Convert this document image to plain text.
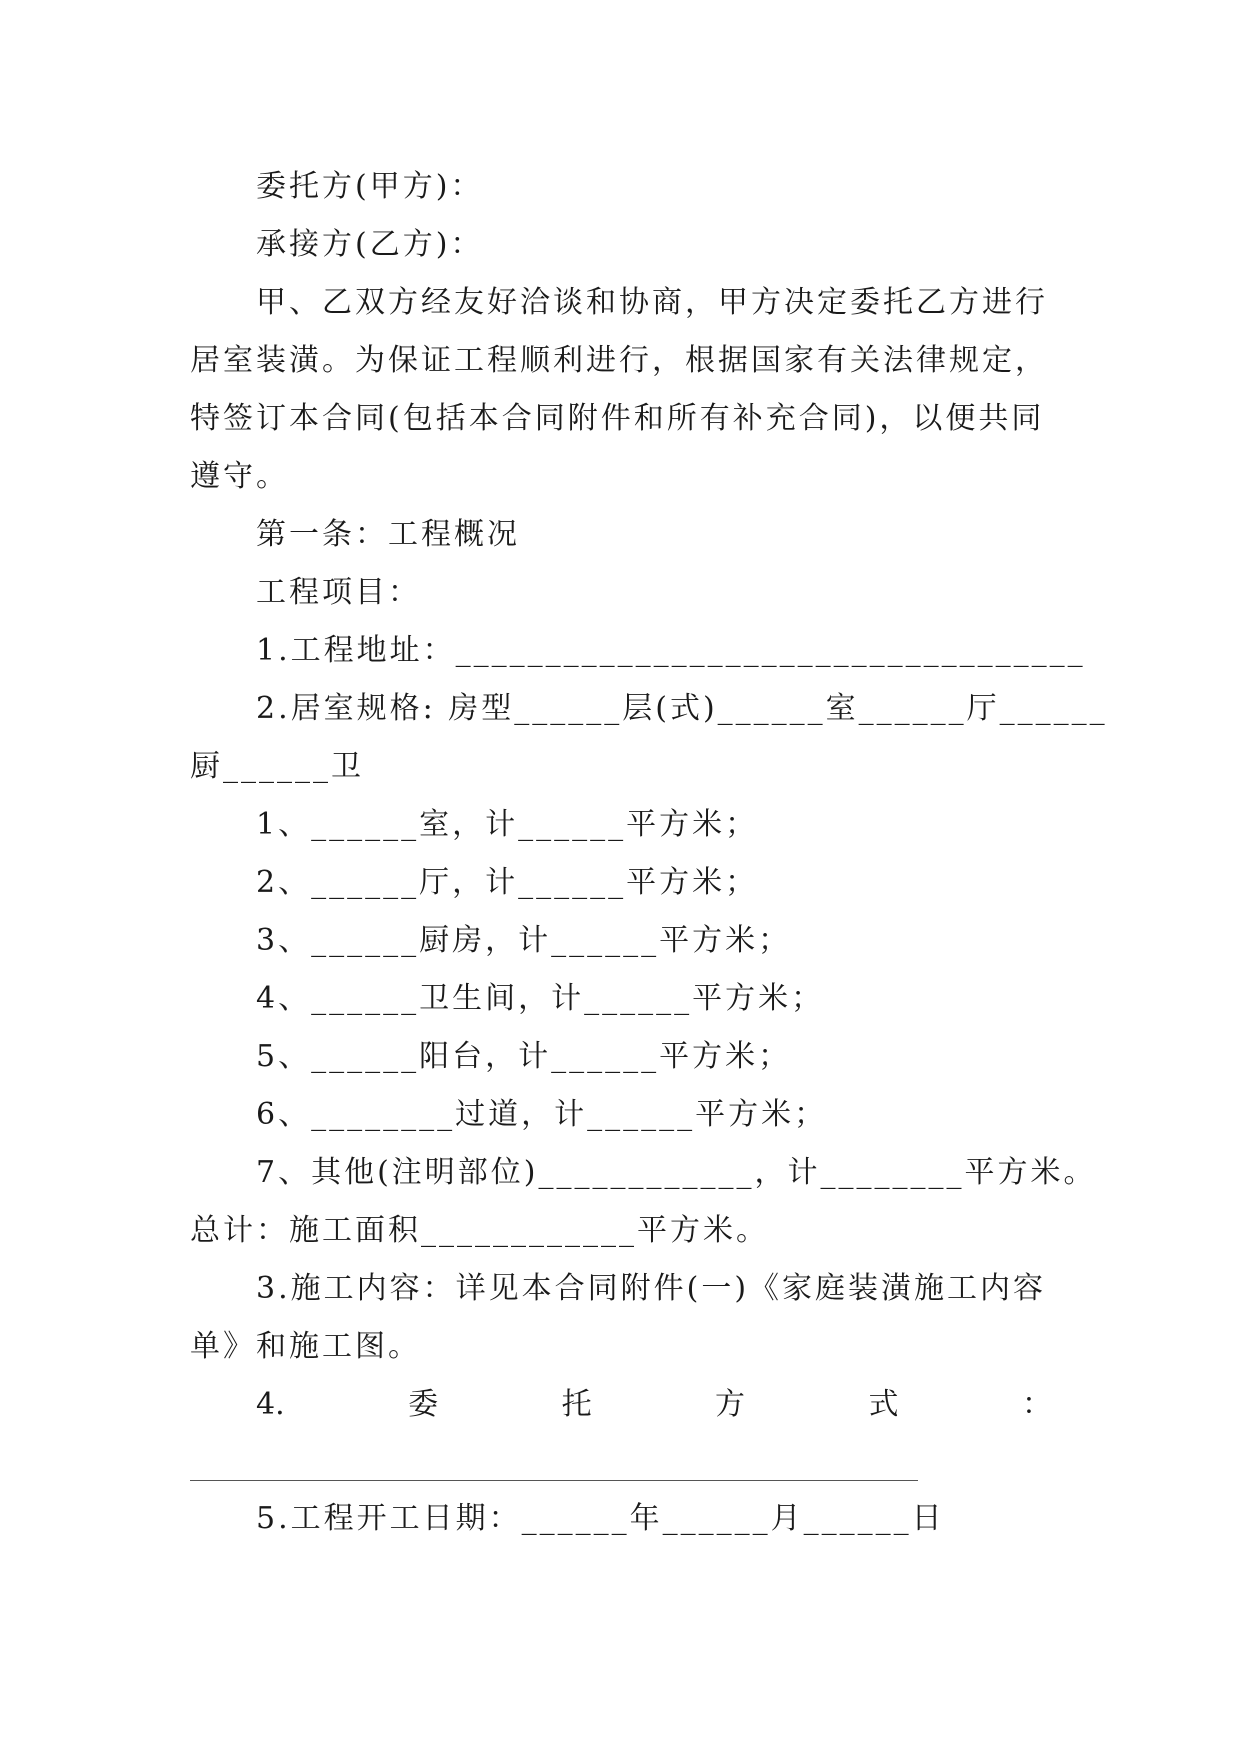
委托方(甲方)：
承接方(乙方)：
甲、乙双方经友好洽谈和协商，甲方决定委托乙方进行
居室装潢。为保证工程顺利进行，根据国家有关法律规定，
特签订本合同(包括本合同附件和所有补充合同)，以便共同
遵守。
第一条：工程概况
工程项目：
1.工程地址：___________________________________
2.居室规格: 房型______层(式)______室______厅______
厨______卫
1、______室，计______平方米；
2、______厅，计______平方米；
3、______厨房，计______平方米；
4、______卫生间，计______平方米；
5、______阳台，计______平方米；
6、________过道，计______平方米；
7、其他(注明部位)____________，计________平方米。
总计：施工面积____________平方米。
3.施工内容：详见本合同附件(一)《家庭装潢施工内容
单》和施工图。
4.	委	托	方	式	：
5.工程开工日期：______年______月______日
